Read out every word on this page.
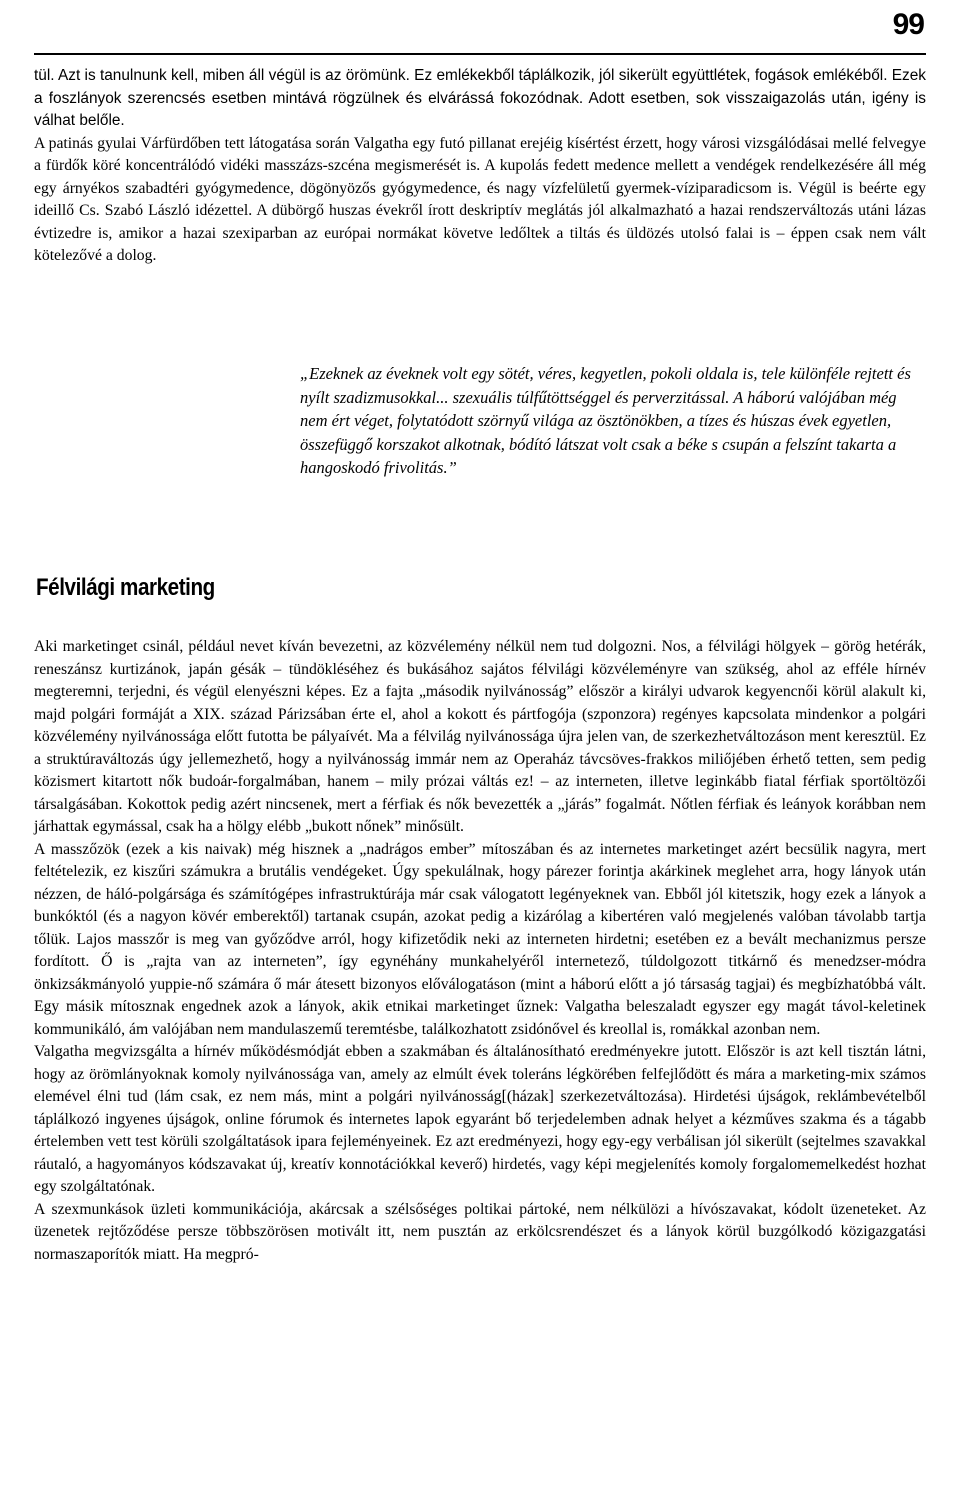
99

tül. Azt is tanulnunk kell, miben áll végül is az örömünk. Ez emlékekből táplálkozik, jól sikerült együttlétek, fogások emlékéből. Ezek a foszlányok szerencsés esetben mintává rögzülnek és elvárássá fokozódnak. Adott esetben, sok visszaigazolás után, igény is válhat belőle.

A patinás gyulai Várfürdőben tett látogatása során Valgatha egy futó pillanat erejéig kísértést érzett, hogy városi vizsgálódásai mellé felvegye a fürdők köré koncentrálódó vidéki masszázs-szcéna megismerését is. A kupolás fedett medence mellett a vendégek rendelkezésére áll még egy árnyékos szabadtéri gyógymedence, dögönyözős gyógymedence, és nagy vízfelületű gyermek-víziparadicsom is. Végül is beérte egy ideillő Cs. Szabó László idézettel. A dübörgő huszas évekről írott deskriptív meglátás jól alkalmazható a hazai rendszerváltozás utáni lázas évtizedre is, amikor a hazai szexiparban az európai normákat követve ledőltek a tiltás és üldözés utolsó falai is – éppen csak nem vált kötelezővé a dolog.

„Ezeknek az éveknek volt egy sötét, véres, kegyetlen, pokoli oldala is, tele különféle rejtett és nyílt szadizmusokkal... szexuális túlfűtöttséggel és perverzitással. A háború valójában még nem ért véget, folytatódott szörnyű világa az ösztönökben, a tízes és húszas évek egyetlen, összefüggő korszakot alkotnak, bódító látszat volt csak a béke s csupán a felszínt takarta a hangoskodó frivolitás.”
Félvilági marketing

Aki marketinget csinál, például nevet kíván bevezetni, az közvélemény nélkül nem tud dolgozni. Nos, a félvilági hölgyek – görög hetérák, reneszánsz kurtizánok, japán gésák – tündökléséhez és bukásához sajátos félvilági közvéleményre van szükség, ahol az efféle hírnév megteremni, terjedni, és végül elenyészni képes. Ez a fajta „második nyilvánosság” először a királyi udvarok kegyencnői körül alakult ki, majd polgári formáját a XIX. század Párizsában érte el, ahol a kokott és pártfogója (szponzora) regényes kapcsolata mindenkor a polgári közvélemény nyilvánossága előtt futotta be pályaívét. Ma a félvilág nyilvánossága újra jelen van, de szerkezhetváltozáson ment keresztül. Ez a struktúraváltozás úgy jellemezhető, hogy a nyilvánosság immár nem az Operaház távcsöves-frakkos miliőjében érhető tetten, sem pedig közismert kitartott nők budoár-forgalmában, hanem – mily prózai váltás ez! – az interneten, illetve leginkább fiatal férfiak sportöltözői társalgásában. Kokottok pedig azért nincsenek, mert a férfiak és nők bevezették a „járás” fogalmát. Nőtlen férfiak és leányok korábban nem járhattak egymással, csak ha a hölgy elébb „bukott nőnek” minősült.

A masszőzök (ezek a kis naivak) még hisznek a „nadrágos ember” mítoszában és az internetes marketinget azért becsülik nagyra, mert feltételezik, ez kiszűri számukra a brutális vendégeket. Úgy spekulálnak, hogy párezer forintja akárkinek meglehet arra, hogy lányok után nézzen, de háló-polgársága és számítógépes infrastruktúrája már csak válogatott legényeknek van. Ebből jól kitetszik, hogy ezek a lányok a bunkóktól (és a nagyon kövér emberektől) tartanak csupán, azokat pedig a kizárólag a kibertéren való megjelenés valóban távolabb tartja tőlük. Lajos masszőr is meg van győződve arról, hogy kifizetődik neki az interneten hirdetni; esetében ez a bevált mechanizmus persze fordított. Ő is „rajta van az interneten”, így egynéhány munkahelyéről internetező, túldolgozott titkárnő és menedzser-módra önkizsákmányoló yuppie-nő számára ő már átesett bizonyos előválogatáson (mint a háború előtt a jó társaság tagjai) és megbízhatóbbá vált. Egy másik mítosznak engednek azok a lányok, akik etnikai marketinget űznek: Valgatha beleszaladt egyszer egy magát távol-keletinek kommunikáló, ám valójában nem mandulaszemű teremtésbe, találkozhatott zsidónővel és kreollal is, romákkal azonban nem.

Valgatha megvizsgálta a hírnév működésmódját ebben a szakmában és általánosítható eredményekre jutott. Először is azt kell tisztán látni, hogy az örömlányoknak komoly nyilvánossága van, amely az elmúlt évek toleráns légkörében felfejlődött és mára a marketing-mix számos elemével élni tud (lám csak, ez nem más, mint a polgári nyilvánosság[(házak] szerkezetváltozása). Hirdetési újságok, reklámbevételből táplálkozó ingyenes újságok, online fórumok és internetes lapok egyaránt bő terjedelemben adnak helyet a kézműves szakma és a tágabb értelemben vett test körüli szolgáltatások ipara fejleményeinek. Ez azt eredményezi, hogy egy-egy verbálisan jól sikerült (sejtelmes szavakkal ráutaló, a hagyományos kódszavakat új, kreatív konnotációkkal keverő) hirdetés, vagy képi megjelenítés komoly forgalomemelkedést hozhat egy szolgáltatónak.

A szexmunkások üzleti kommunikációja, akárcsak a szélsőséges poltikai pártoké, nem nélkülözi a hívószavakat, kódolt üzeneteket. Az üzenetek rejtőződése persze többszörösen motivált itt, nem pusztán az erkölcsrendészet és a lányok körül buzgólkodó közigazgatási normaszaporítók miatt. Ha megpró-
